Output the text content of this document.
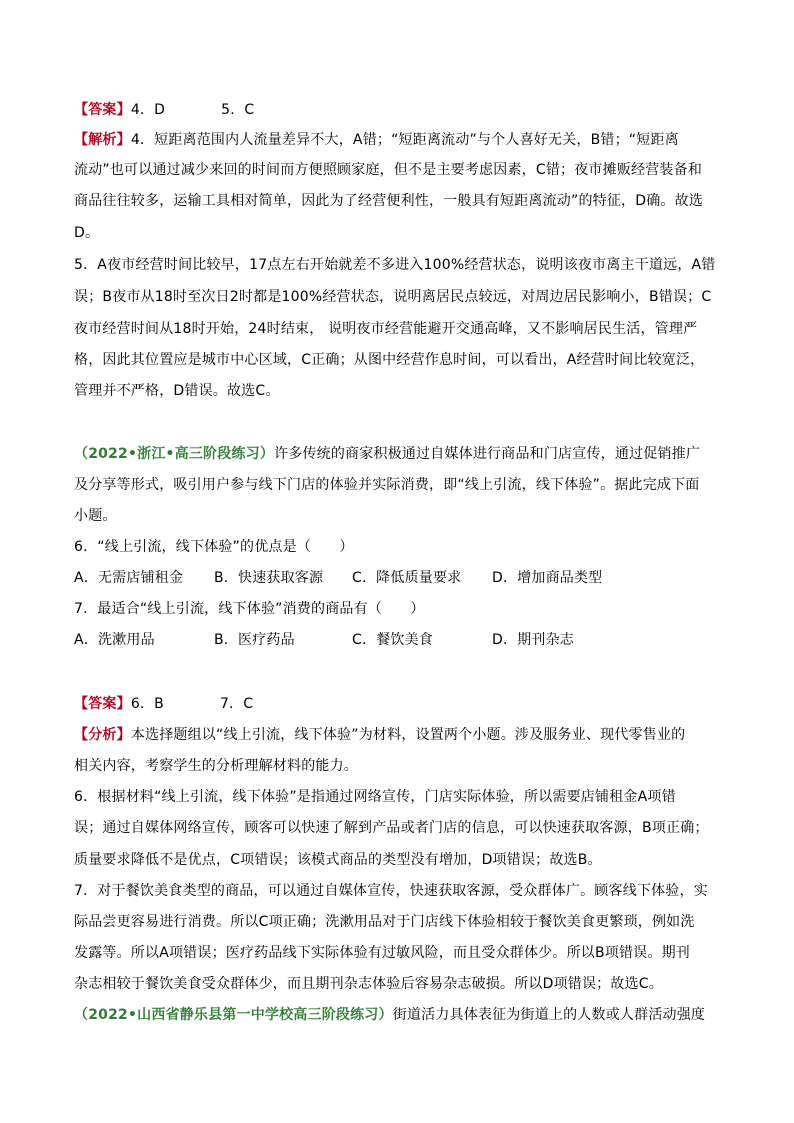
【答案】4．D	5．C
【解析】4．短距离范围内人流量差异不大，A错；“短距离流动”与个人喜好无关，B错；“短距离
流动”也可以通过减少来回的时间而方便照顾家庭，但不是主要考虑因素，C错；夜市摊贩经营装备和
商品往往较多，运输工具相对简单，因此为了经营便利性，一般具有短距离流动”的特征，D确。故选
D。
5．A夜市经营时间比较早，17点左右开始就差不多进入100%经营状态，说明该夜市离主干道远，A错
误；B夜市从18时至次日2时都是100%经营状态，说明离居民点较远，对周边居民影响小，B错误；C
夜市经营时间从18时开始，24时结束， 说明夜市经营能避开交通高峰，又不影响居民生活，管理严
格，因此其位置应是城市中心区域，C正确；从图中经营作息时间，可以看出，A经营时间比较宽泛，
管理并不严格，D错误。故选C。
（2022•浙江•高三阶段练习）许多传统的商家积极通过自媒体进行商品和门店宣传，通过促销推广
及分享等形式，吸引用户参与线下门店的体验并实际消费，即“线上引流，线下体验”。据此完成下面
小题。
6．“线上引流，线下体验”的优点是（　　）
A．无需店铺租金 B．快速获取客源 C．降低质量要求 D．增加商品类型
7．最适合“线上引流，线下体验”消费的商品有（　　）
A．洗漱用品	B．医疗药品	C．餐饮美食	D．期刊杂志
【答案】6．B	7．C
【分析】本选择题组以“线上引流，线下体验”为材料，设置两个小题。涉及服务业、现代零售业的
相关内容，考察学生的分析理解材料的能力。
6．根据材料“线上引流，线下体验”是指通过网络宣传，门店实际体验，所以需要店铺租金A项错
误；通过自媒体网络宣传，顾客可以快速了解到产品或者门店的信息，可以快速获取客源，B项正确；
质量要求降低不是优点，C项错误；该模式商品的类型没有增加，D项错误；故选B。
7．对于餐饮美食类型的商品，可以通过自媒体宣传，快速获取客源，受众群体广。顾客线下体验，实
际品尝更容易进行消费。所以C项正确；洗漱用品对于门店线下体验相较于餐饮美食更繁琐，例如洗
发露等。所以A项错误；医疗药品线下实际体验有过敏风险，而且受众群体少。所以B项错误。期刊
杂志相较于餐饮美食受众群体少，而且期刊杂志体验后容易杂志破损。所以D项错误；故选C。
（2022•山西省静乐县第一中学校高三阶段练习）街道活力具体表征为街道上的人数或人群活动强度
